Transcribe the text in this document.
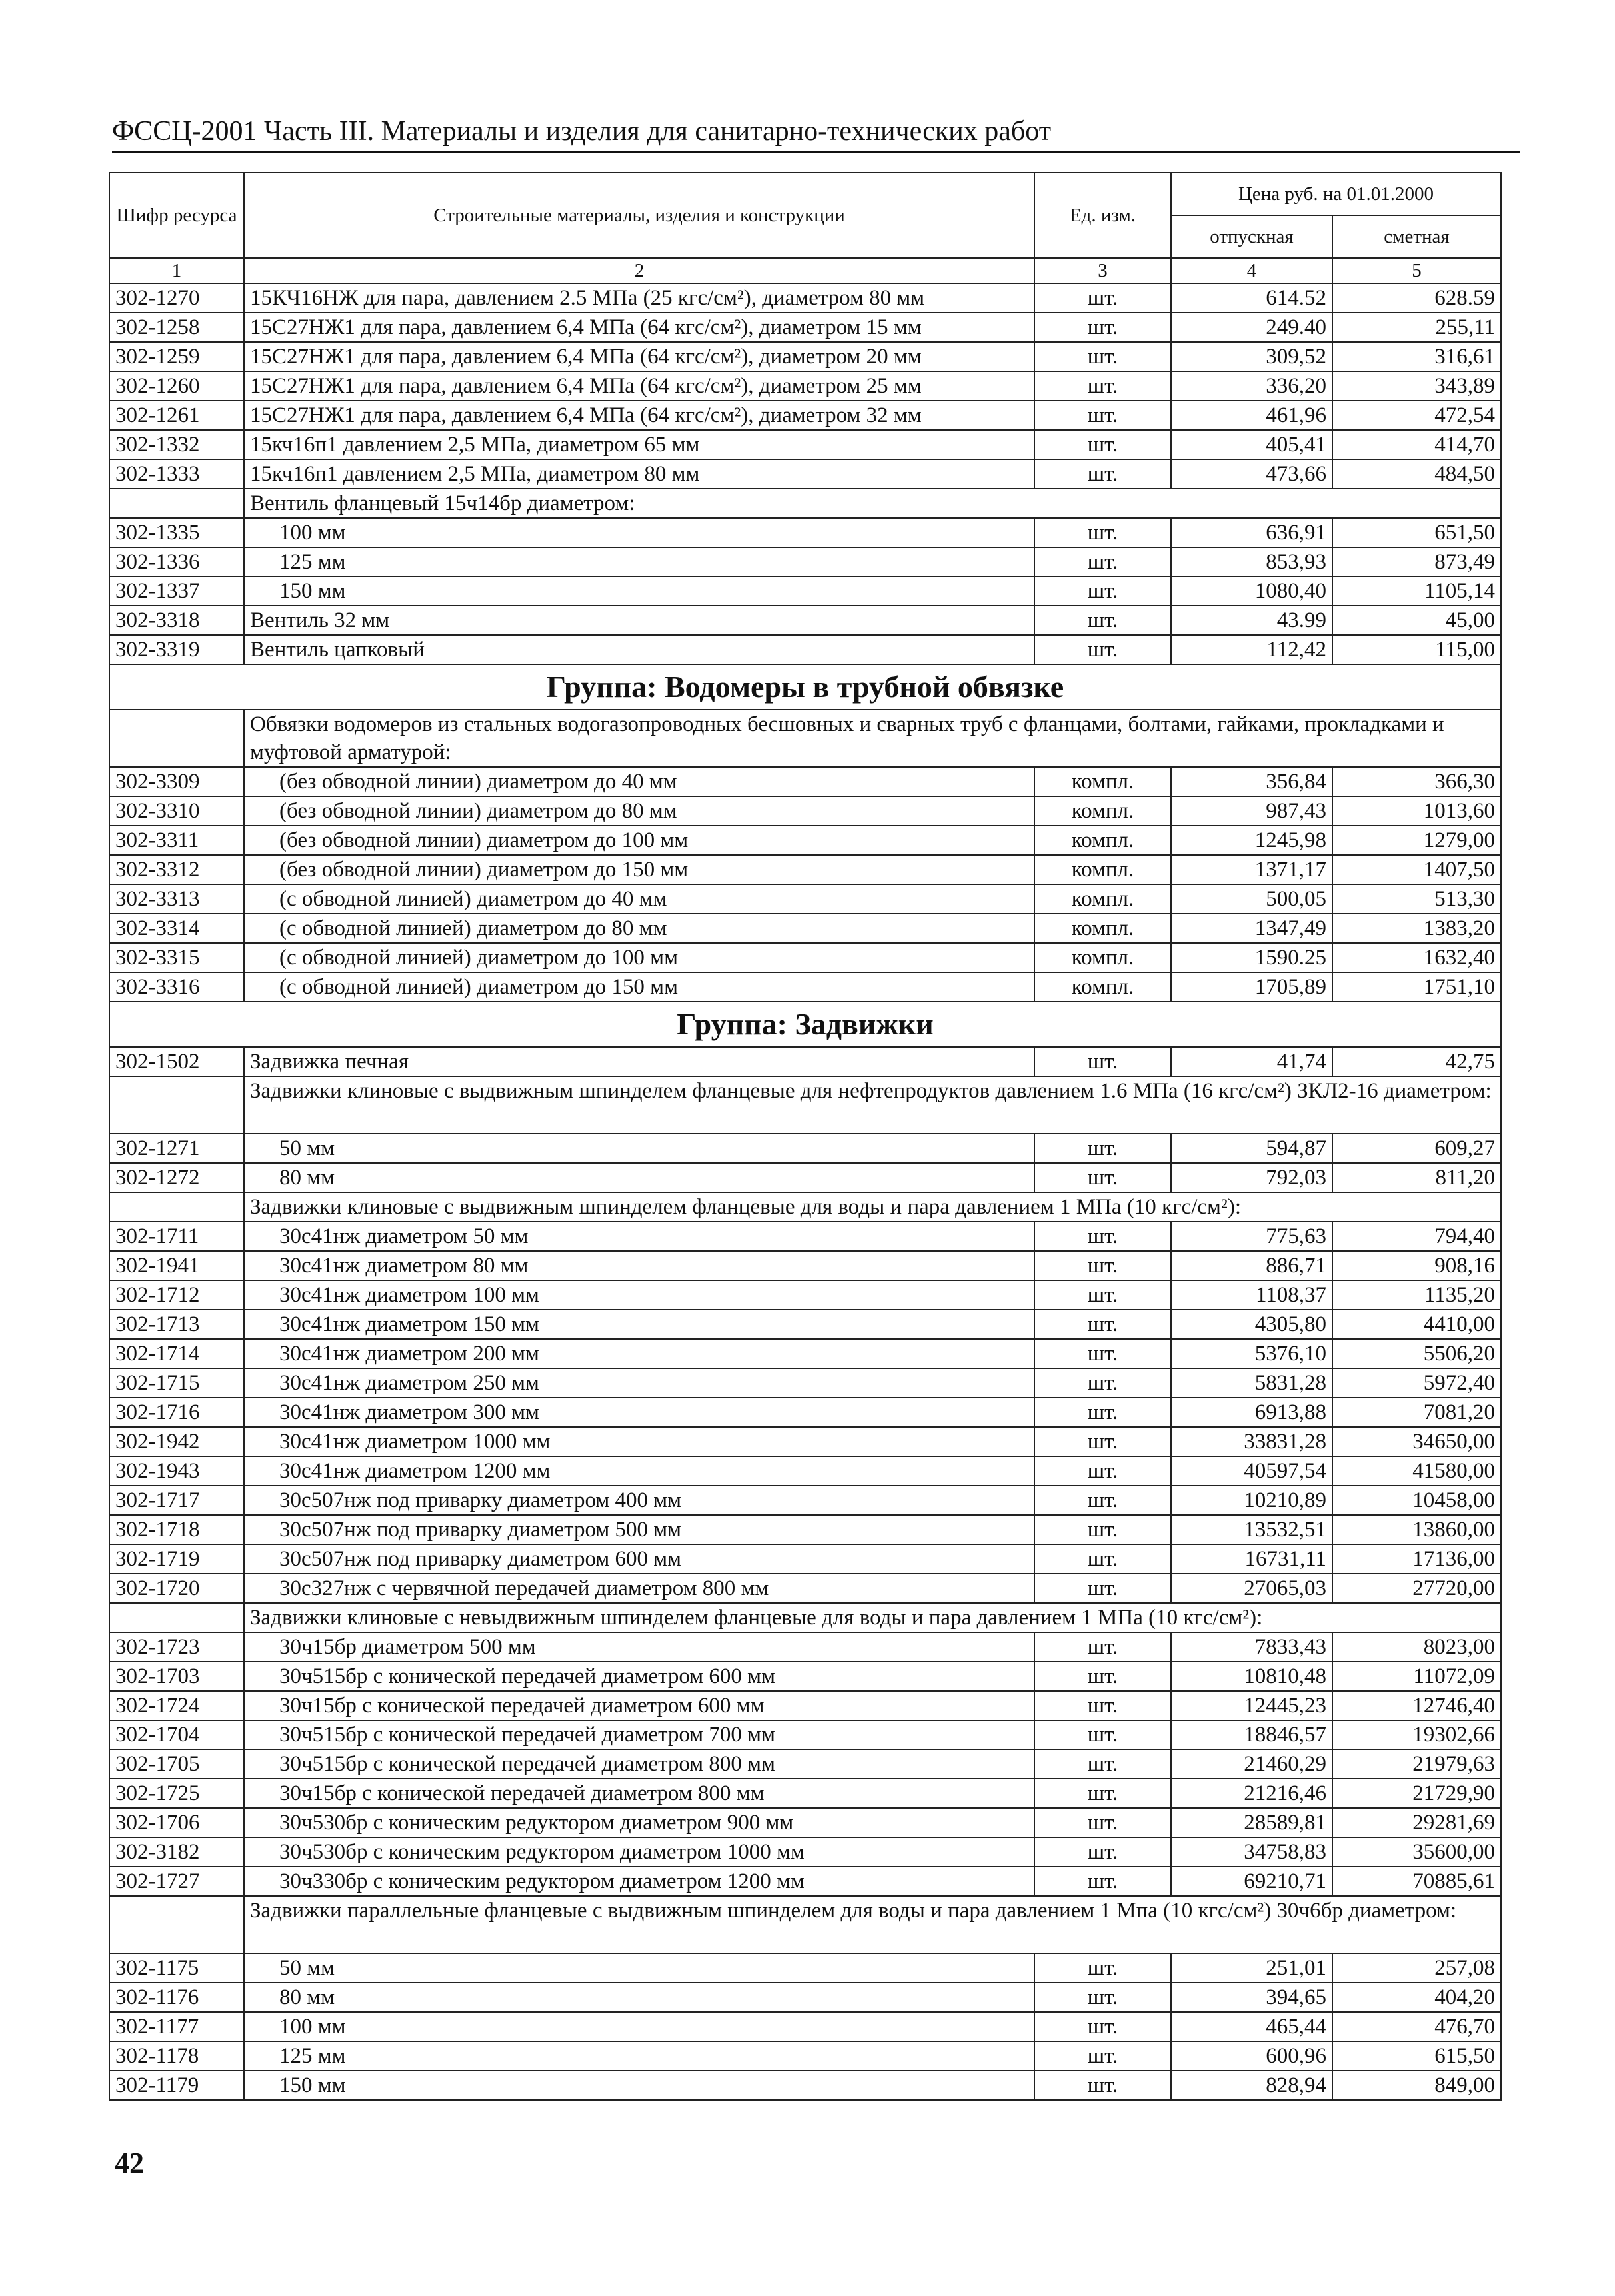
ФССЦ-2001 Часть III. Материалы и изделия для санитарно-технических работ
Шифр ресурса	Строительные материалы, изделия и конструкции	Ед. изм.	Цена руб. на 01.01.2000	
			отпускная	сметная
1	2	3	4	5
302-1270	15КЧ16НЖ для пара, давлением 2.5 МПа (25 кгс/см²), диаметром 80 мм	шт.	614.52	628.59
302-1258	15С27НЖ1 для пара, давлением 6,4 МПа (64 кгс/см²), диаметром 15 мм	шт.	249.40	255,11
302-1259	15С27НЖ1 для пара, давлением 6,4 МПа (64 кгс/см²), диаметром 20 мм	шт.	309,52	316,61
302-1260	15С27НЖ1 для пара, давлением 6,4 МПа (64 кгс/см²), диаметром 25 мм	шт.	336,20	343,89
302-1261	15С27НЖ1 для пара, давлением 6,4 МПа (64 кгс/см²), диаметром 32 мм	шт.	461,96	472,54
302-1332	15кч16п1 давлением 2,5 МПа, диаметром 65 мм	шт.	405,41	414,70
302-1333	15кч16п1 давлением 2,5 МПа, диаметром 80 мм	шт.	473,66	484,50
	Вентиль фланцевый 15ч14бр диаметром:			
302-1335	100 мм	шт.	636,91	651,50
302-1336	125 мм	шт.	853,93	873,49
302-1337	150 мм	шт.	1080,40	1105,14
302-3318	Вентиль 32 мм	шт.	43.99	45,00
302-3319	Вентиль цапковый	шт.	112,42	115,00
Группа: Водомеры в трубной обвязке				
	Обвязки водомеров из стальных водогазопроводных бесшовных и сварных труб с фланцами, болтами, гайками, прокладками и муфтовой арматурой:			
302-3309	(без обводной линии) диаметром до 40 мм	компл.	356,84	366,30
302-3310	(без обводной линии) диаметром до 80 мм	компл.	987,43	1013,60
302-3311	(без обводной линии) диаметром до 100 мм	компл.	1245,98	1279,00
302-3312	(без обводной линии) диаметром до 150 мм	компл.	1371,17	1407,50
302-3313	(с обводной линией) диаметром до 40 мм	компл.	500,05	513,30
302-3314	(с обводной линией) диаметром до 80 мм	компл.	1347,49	1383,20
302-3315	(с обводной линией) диаметром до 100 мм	компл.	1590.25	1632,40
302-3316	(с обводной линией) диаметром до 150 мм	компл.	1705,89	1751,10
Группа: Задвижки				
302-1502	Задвижка печная	шт.	41,74	42,75
	Задвижки клиновые с выдвижным шпинделем фланцевые для нефтепродуктов давлением 1.6 МПа (16 кгс/см²) ЗКЛ2-16 диаметром:			
302-1271	50 мм	шт.	594,87	609,27
302-1272	80 мм	шт.	792,03	811,20
	Задвижки клиновые с выдвижным шпинделем фланцевые для воды и пара давлением 1 МПа (10 кгс/см²):			
302-1711	30с41нж диаметром 50 мм	шт.	775,63	794,40
302-1941	30с41нж диаметром 80 мм	шт.	886,71	908,16
302-1712	30с41нж диаметром 100 мм	шт.	1108,37	1135,20
302-1713	30с41нж диаметром 150 мм	шт.	4305,80	4410,00
302-1714	30с41нж диаметром 200 мм	шт.	5376,10	5506,20
302-1715	30с41нж диаметром 250 мм	шт.	5831,28	5972,40
302-1716	30с41нж диаметром 300 мм	шт.	6913,88	7081,20
302-1942	30с41нж диаметром 1000 мм	шт.	33831,28	34650,00
302-1943	30с41нж диаметром 1200 мм	шт.	40597,54	41580,00
302-1717	30с507нж под приварку диаметром 400 мм	шт.	10210,89	10458,00
302-1718	30с507нж под приварку диаметром 500 мм	шт.	13532,51	13860,00
302-1719	30с507нж под приварку диаметром 600 мм	шт.	16731,11	17136,00
302-1720	30с327нж с червячной передачей диаметром 800 мм	шт.	27065,03	27720,00
	Задвижки клиновые с невыдвижным шпинделем фланцевые для воды и пара давлением 1 МПа (10 кгс/см²):			
302-1723	30ч15бр диаметром 500 мм	шт.	7833,43	8023,00
302-1703	30ч515бр с конической передачей диаметром 600 мм	шт.	10810,48	11072,09
302-1724	30ч15бр с конической передачей диаметром 600 мм	шт.	12445,23	12746,40
302-1704	30ч515бр с конической передачей диаметром 700 мм	шт.	18846,57	19302,66
302-1705	30ч515бр с конической передачей диаметром 800 мм	шт.	21460,29	21979,63
302-1725	30ч15бр с конической передачей диаметром 800 мм	шт.	21216,46	21729,90
302-1706	30ч530бр с коническим редуктором диаметром 900 мм	шт.	28589,81	29281,69
302-3182	30ч530бр с коническим редуктором диаметром 1000 мм	шт.	34758,83	35600,00
302-1727	30ч330бр с коническим редуктором диаметром 1200 мм	шт.	69210,71	70885,61
	Задвижки параллельные фланцевые с выдвижным шпинделем для воды и пара давлением 1 Мпа (10 кгс/см²) 30ч6бр диаметром:			
302-1175	50 мм	шт.	251,01	257,08
302-1176	80 мм	шт.	394,65	404,20
302-1177	100 мм	шт.	465,44	476,70
302-1178	125 мм	шт.	600,96	615,50
302-1179	150 мм	шт.	828,94	849,00
42
